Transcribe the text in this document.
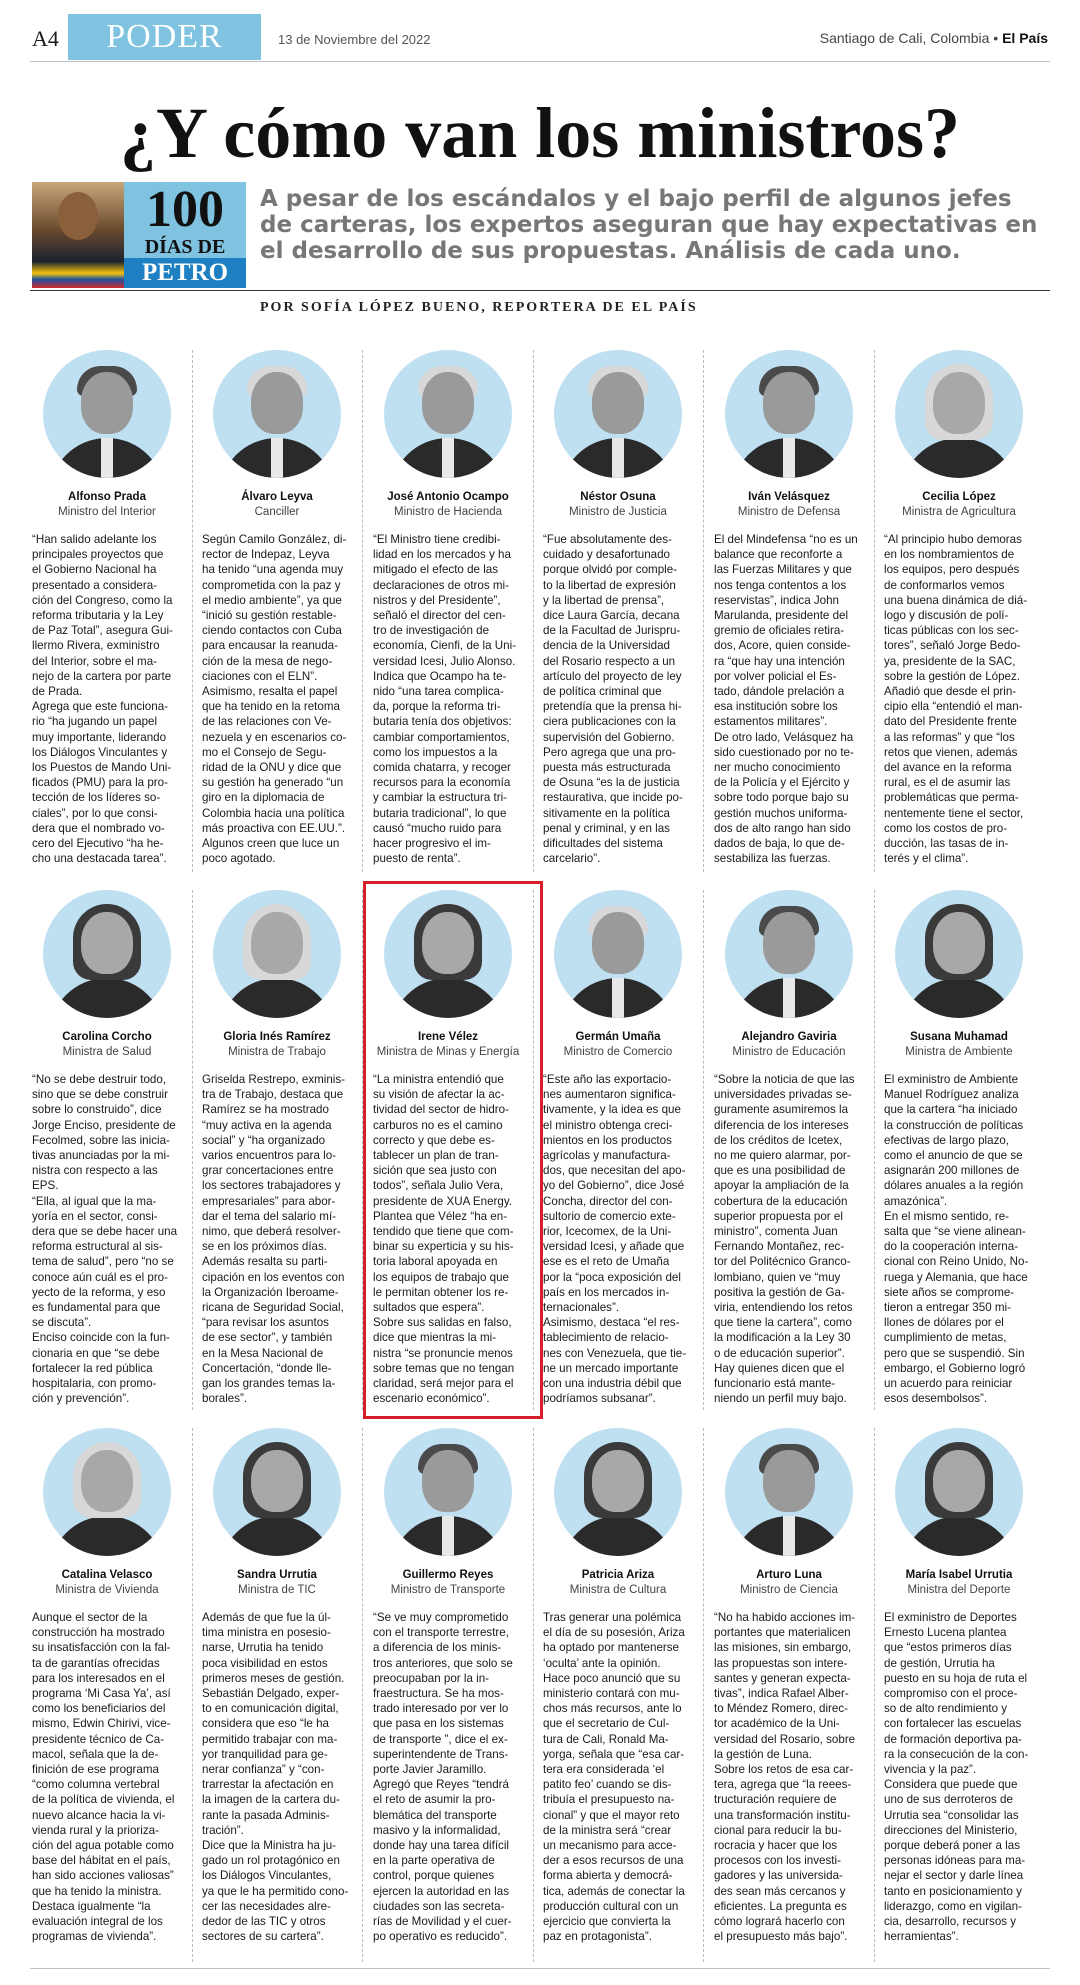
A4	PODER	13 de Noviembre del 2022	Santiago de Cali, Colombia • El País
¿Y cómo van los ministros?
100
DÍAS DE
PETRO

A pesar de los escándalos y el bajo perfil de algunos jefes de carteras, los expertos aseguran que hay expectativas en el desarrollo de sus propuestas. Análisis de cada uno.

POR SOFÍA LÓPEZ BUENO, REPORTERA DE EL PAÍS
Alfonso Prada
Ministro del Interior
“Han salido adelante los
principales proyectos que
el Gobierno Nacional ha
presentado a considera-
ción del Congreso, como la
reforma tributaria y la Ley
de Paz Total”, asegura Gui-
llermo Rivera, exministro
del Interior, sobre el ma-
nejo de la cartera por parte
de Prada.
Agrega que este funciona-
rio “ha jugando un papel
muy importante, liderando
los Diálogos Vinculantes y
los Puestos de Mando Uni-
ficados (PMU) para la pro-
tección de los líderes so-
ciales”, por lo que consi-
dera que el nombrado vo-
cero del Ejecutivo “ha he-
cho una destacada tarea”.
Álvaro Leyva
Canciller
Según Camilo González, di-
rector de Indepaz, Leyva
ha tenido “una agenda muy
comprometida con la paz y
el medio ambiente”, ya que
“inició su gestión restable-
ciendo contactos con Cuba
para encausar la reanuda-
ción de la mesa de nego-
ciaciones con el ELN”.
Asimismo, resalta el papel
que ha tenido en la retoma
de las relaciones con Ve-
nezuela y en escenarios co-
mo el Consejo de Segu-
ridad de la ONU y dice que
su gestión ha generado “un
giro en la diplomacia de
Colombia hacia una política
más proactiva con EE.UU.”.
Algunos creen que luce un
poco agotado.
José Antonio Ocampo
Ministro de Hacienda
“El Ministro tiene credibi-
lidad en los mercados y ha
mitigado el efecto de las
declaraciones de otros mi-
nistros y del Presidente”,
señaló el director del cen-
tro de investigación de
economía, Cienfi, de la Uni-
versidad Icesi, Julio Alonso.
Indica que Ocampo ha te-
nido “una tarea complica-
da, porque la reforma tri-
butaria tenía dos objetivos:
cambiar comportamientos,
como los impuestos a la
comida chatarra, y recoger
recursos para la economía
y cambiar la estructura tri-
butaria tradicional”, lo que
causó “mucho ruido para
hacer progresivo el im-
puesto de renta”.
Néstor Osuna
Ministro de Justicia
“Fue absolutamente des-
cuidado y desafortunado
porque olvidó por comple-
to la libertad de expresión
y la libertad de prensa”,
dice Laura García, decana
de la Facultad de Jurispru-
dencia de la Universidad
del Rosario respecto a un
artículo del proyecto de ley
de política criminal que
pretendía que la prensa hi-
ciera publicaciones con la
supervisión del Gobierno.
Pero agrega que una pro-
puesta más estructurada
de Osuna “es la de justicia
restaurativa, que incide po-
sitivamente en la política
penal y criminal, y en las
dificultades del sistema
carcelario”.
Iván Velásquez
Ministro de Defensa
El del Mindefensa “no es un
balance que reconforte a
las Fuerzas Militares y que
nos tenga contentos a los
reservistas”, indica John
Marulanda, presidente del
gremio de oficiales retira-
dos, Acore, quien conside-
ra “que hay una intención
por volver policial el Es-
tado, dándole prelación a
esa institución sobre los
estamentos militares”.
De otro lado, Velásquez ha
sido cuestionado por no te-
ner mucho conocimiento
de la Policía y el Ejército y
sobre todo porque bajo su
gestión muchos uniforma-
dos de alto rango han sido
dados de baja, lo que de-
sestabiliza las fuerzas.
Cecilia López
Ministra de Agricultura
“Al principio hubo demoras
en los nombramientos de
los equipos, pero después
de conformarlos vemos
una buena dinámica de diá-
logo y discusión de polí-
ticas públicas con los sec-
tores”, señaló Jorge Bedo-
ya, presidente de la SAC,
sobre la gestión de López.
Añadió que desde el prin-
cipio ella “entendió el man-
dato del Presidente frente
a las reformas” y que “los
retos que vienen, además
del avance en la reforma
rural, es el de asumir las
problemáticas que perma-
nentemente tiene el sector,
como los costos de pro-
ducción, las tasas de in-
terés y el clima”.
Carolina Corcho
Ministra de Salud
“No se debe destruir todo,
sino que se debe construir
sobre lo construido”, dice
Jorge Enciso, presidente de
Fecolmed, sobre las inicia-
tivas anunciadas por la mi-
nistra con respecto a las
EPS.
“Ella, al igual que la ma-
yoría en el sector, consi-
dera que se debe hacer una
reforma estructural al sis-
tema de salud”, pero “no se
conoce aún cuál es el pro-
yecto de la reforma, y eso
es fundamental para que
se discuta”.
Enciso coincide con la fun-
cionaria en que “se debe
fortalecer la red pública
hospitalaria, con promo-
ción y prevención”.
Gloria Inés Ramírez
Ministra de Trabajo
Griselda Restrepo, exminis-
tra de Trabajo, destaca que
Ramírez se ha mostrado
“muy activa en la agenda
social” y “ha organizado
varios encuentros para lo-
grar concertaciones entre
los sectores trabajadores y
empresariales” para abor-
dar el tema del salario mí-
nimo, que deberá resolver-
se en los próximos días.
Además resalta su parti-
cipación en los eventos con
la Organización Iberoame-
ricana de Seguridad Social,
“para revisar los asuntos
de ese sector”, y también
en la Mesa Nacional de
Concertación, “donde lle-
gan los grandes temas la-
borales”.
Irene Vélez
Ministra de Minas y Energía
“La ministra entendió que
su visión de afectar la ac-
tividad del sector de hidro-
carburos no es el camino
correcto y que debe es-
tablecer un plan de tran-
sición que sea justo con
todos”, señala Julio Vera,
presidente de XUA Energy.
Plantea que Vélez “ha en-
tendido que tiene que com-
binar su experticia y su his-
toria laboral apoyada en
los equipos de trabajo que
le permitan obtener los re-
sultados que espera”.
Sobre sus salidas en falso,
dice que mientras la mi-
nistra “se pronuncie menos
sobre temas que no tengan
claridad, será mejor para el
escenario económico”.
Germán Umaña
Ministro de Comercio
“Este año las exportacio-
nes aumentaron significa-
tivamente, y la idea es que
el ministro obtenga creci-
mientos en los productos
agrícolas y manufactura-
dos, que necesitan del apo-
yo del Gobierno”, dice José
Concha, director del con-
sultorio de comercio exte-
rior, Icecomex, de la Uni-
versidad Icesi, y añade que
ese es el reto de Umaña
por la “poca exposición del
país en los mercados in-
ternacionales”.
Asimismo, destaca “el res-
tablecimiento de relacio-
nes con Venezuela, que tie-
ne un mercado importante
con una industria débil que
podríamos subsanar”.
Alejandro Gaviria
Ministro de Educación
“Sobre la noticia de que las
universidades privadas se-
guramente asumiremos la
diferencia de los intereses
de los créditos de Icetex,
no me quiero alarmar, por-
que es una posibilidad de
apoyar la ampliación de la
cobertura de la educación
superior propuesta por el
ministro”, comenta Juan
Fernando Montañez, rec-
tor del Politécnico Granco-
lombiano, quien ve “muy
positiva la gestión de Ga-
viria, entendiendo los retos
que tiene la cartera”, como
la modificación a la Ley 30
o de educación superior”.
Hay quienes dicen que el
funcionario está mante-
niendo un perfil muy bajo.
Susana Muhamad
Ministra de Ambiente
El exministro de Ambiente
Manuel Rodríguez analiza
que la cartera “ha iniciado
la construcción de políticas
efectivas de largo plazo,
como el anuncio de que se
asignarán 200 millones de
dólares anuales a la región
amazónica”.
En el mismo sentido, re-
salta que “se viene alinean-
do la cooperación interna-
cional con Reino Unido, No-
ruega y Alemania, que hace
siete años se comprome-
tieron a entregar 350 mi-
llones de dólares por el
cumplimiento de metas,
pero que se suspendió. Sin
embargo, el Gobierno logró
un acuerdo para reiniciar
esos desembolsos”.
Catalina Velasco
Ministra de Vivienda
Aunque el sector de la
construcción ha mostrado
su insatisfacción con la fal-
ta de garantías ofrecidas
para los interesados en el
programa ‘Mi Casa Ya’, así
como los beneficiarios del
mismo, Edwin Chirivi, vice-
presidente técnico de Ca-
macol, señala que la de-
finición de ese programa
“como columna vertebral
de la política de vivienda, el
nuevo alcance hacia la vi-
vienda rural y la prioriza-
ción del agua potable como
base del hábitat en el país,
han sido acciones valiosas”
que ha tenido la ministra.
Destaca igualmente “la
evaluación integral de los
programas de vivienda”.
Sandra Urrutia
Ministra de TIC
Además de que fue la úl-
tima ministra en posesio-
narse, Urrutia ha tenido
poca visibilidad en estos
primeros meses de gestión.
Sebastián Delgado, exper-
to en comunicación digital,
considera que eso “le ha
permitido trabajar con ma-
yor tranquilidad para ge-
nerar confianza” y “con-
trarrestar la afectación en
la imagen de la cartera du-
rante la pasada Adminis-
tración”.
Dice que la Ministra ha ju-
gado un rol protagónico en
los Diálogos Vinculantes,
ya que le ha permitido cono-
cer las necesidades alre-
dedor de las TIC y otros
sectores de su cartera”.
Guillermo Reyes
Ministro de Transporte
“Se ve muy comprometido
con el transporte terrestre,
a diferencia de los minis-
tros anteriores, que solo se
preocupaban por la in-
fraestructura. Se ha mos-
trado interesado por ver lo
que pasa en los sistemas
de transporte ”, dice el ex-
superintendente de Trans-
porte Javier Jaramillo.
Agregó que Reyes “tendrá
el reto de asumir la pro-
blemática del transporte
masivo y la informalidad,
donde hay una tarea difícil
en la parte operativa de
control, porque quienes
ejercen la autoridad en las
ciudades son las secreta-
rías de Movilidad y el cuer-
po operativo es reducido”.
Patricia Ariza
Ministra de Cultura
Tras generar una polémica
el día de su posesión, Ariza
ha optado por mantenerse
‘oculta’ ante la opinión.
Hace poco anunció que su
ministerio contará con mu-
chos más recursos, ante lo
que el secretario de Cul-
tura de Cali, Ronald Ma-
yorga, señala que “esa car-
tera era considerada ‘el
patito feo’ cuando se dis-
tribuía el presupuesto na-
cional” y que el mayor reto
de la ministra será “crear
un mecanismo para acce-
der a esos recursos de una
forma abierta y democrá-
tica, además de conectar la
producción cultural con un
ejercicio que convierta la
paz en protagonista”.
Arturo Luna
Ministro de Ciencia
“No ha habido acciones im-
portantes que materialicen
las misiones, sin embargo,
las propuestas son intere-
santes y generan expecta-
tivas”, indica Rafael Alber-
to Méndez Romero, direc-
tor académico de la Uni-
versidad del Rosario, sobre
la gestión de Luna.
Sobre los retos de esa car-
tera, agrega que “la reees-
tructuración requiere de
una transformación institu-
cional para reducir la bu-
rocracia y hacer que los
procesos con los investi-
gadores y las universida-
des sean más cercanos y
eficientes. La pregunta es
cómo logrará hacerlo con
el presupuesto más bajo”.
María Isabel Urrutia
Ministra del Deporte
El exministro de Deportes
Ernesto Lucena plantea
que “estos primeros días
de gestión, Urrutia ha
puesto en su hoja de ruta el
compromiso con el proce-
so de alto rendimiento y
con fortalecer las escuelas
de formación deportiva pa-
ra la consecución de la con-
vivencia y la paz”.
Considera que puede que
uno de sus derroteros de
Urrutia sea “consolidar las
direcciones del Ministerio,
porque deberá poner a las
personas idóneas para ma-
nejar el sector y darle línea
tanto en posicionamiento y
liderazgo, como en vigilan-
cia, desarrollo, recursos y
herramientas”.
